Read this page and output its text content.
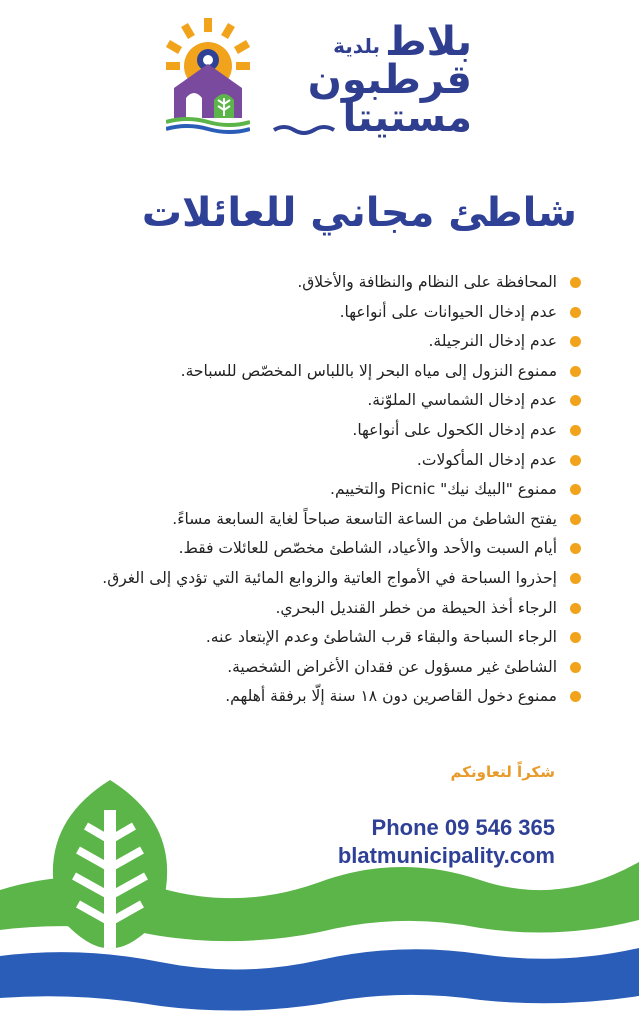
بلدية بلاط
قرطبون
مستيتا
شاطئ مجاني للعائلات
المحافظة على النظام والنظافة والأخلاق.
عدم إدخال الحيوانات على أنواعها.
عدم إدخال النرجيلة.
ممنوع النزول إلى مياه البحر إلا باللباس المخصّص للسباحة.
عدم إدخال الشماسي الملوّنة.
عدم إدخال الكحول على أنواعها.
عدم إدخال المأكولات.
ممنوع "البيك نيك" Picnic والتخييم.
يفتح الشاطئ من الساعة التاسعة صباحاً لغاية السابعة مساءً.
أيام السبت والأحد والأعياد، الشاطئ مخصّص للعائلات فقط.
إحذروا السباحة في الأمواج العاتية والزوابع المائية التي تؤدي إلى الغرق.
الرجاء أخذ الحيطة من خطر القنديل البحري.
الرجاء السباحة والبقاء قرب الشاطئ وعدم الإبتعاد عنه.
الشاطئ غير مسؤول عن فقدان الأغراض الشخصية.
ممنوع دخول القاصرين دون ١٨ سنة إلّا برفقة أهلهم.
شكراً لتعاونكم
Phone 09 546 365
blatmunicipality.com
